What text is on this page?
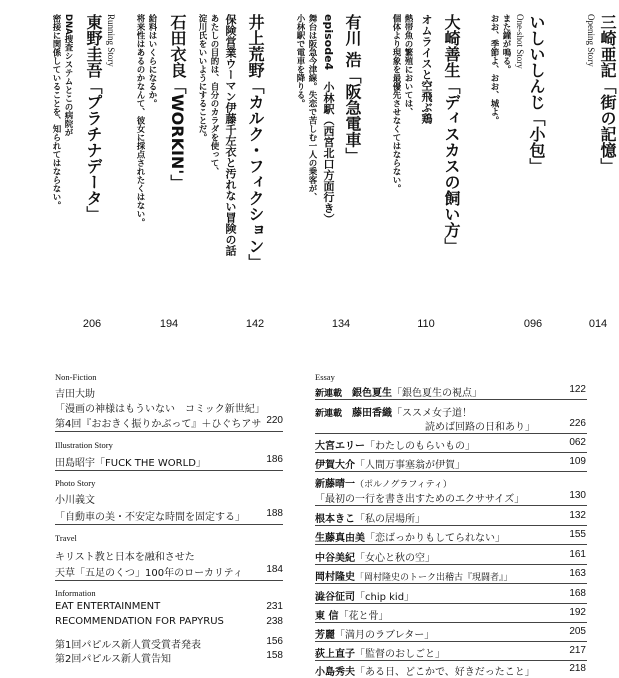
Opening Story 三崎亜記「街の記憶」
014
One-shot Story いしいしんじ「小包」
また鐘が鳴る。
おお、季節よ、おお、城よ。
096
大崎善生「ディスカスの飼い方」
オムライスと空飛ぶ鶏
熱帯魚の繁殖においては、
個体より現象を最優先させなくてはならない。
110
有川 浩「阪急電車」
episode4　小林駅（西宮北口方面行き）
舞台は阪急今津線。失恋で苦しむ一人の乗客が、
小林駅で電車を降りる。
134
井上荒野「カルク・フィクション」
保険営業ウーマン伊藤千左衣と汚れない冒険の話
あたしの目的は、自分のカラダを使って、
淀川氏をいいようにすることだ。
142
石田衣良「WORKIN'」
給料はいくらになるか。
将来性はあるのかなんて、彼女に採点されたくはない。
194
Running Story
東野圭吾「プラチナデータ」
DNA捜査システムとこの病院が
密接に関係していることを、知られてはならない。
206
Non-Fiction
吉田大助
「漫画の神様はもういない　コミック新世紀」
第4回『おおきく振りかぶって』＋ひぐちアサ 220
Illustration Story
田島昭宇「FUCK THE WORLD」	186
Photo Story
小川義文
「自動車の美・不安定な時間を固定する」	188
Travel
キリスト教と日本を融和させた
天草「五足のくつ」100年のローカリティ	184
Information
EAT ENTERTAINMENT	231
RECOMMENDATION FOR PAPYRUS	238
第1回パピルス新人賞受賞者発表	156
第2回パピルス新人賞告知	158
Essay
新連載　 銀色夏生「銀色夏生の視点」	122
新連載　 藤田香織「ススメ女子道！
読めば回路の日和あり」	226
大宮エリー「わたしのもらいもの」	062
伊賀大介「人間万事塞翁が伊賀」	109
新藤晴一（ポルノグラフィティ）
「最初の一行を書き出すためのエクササイズ」	130
根本きこ「私の居場所」	132
生藤真由美「恋ばっかりもしてられない」	155
中谷美紀「女心と秋の空」	161
岡村隆史「岡村隆史のトーク出稽古『現闘者』」	163
澁谷征司「chip kid」	168
東 信「花と骨」	192
芳麗「満月のラブレター」	205
荻上直子「監督のおしごと」	217
小島秀夫「ある日、どこかで、好きだったこと」	218
